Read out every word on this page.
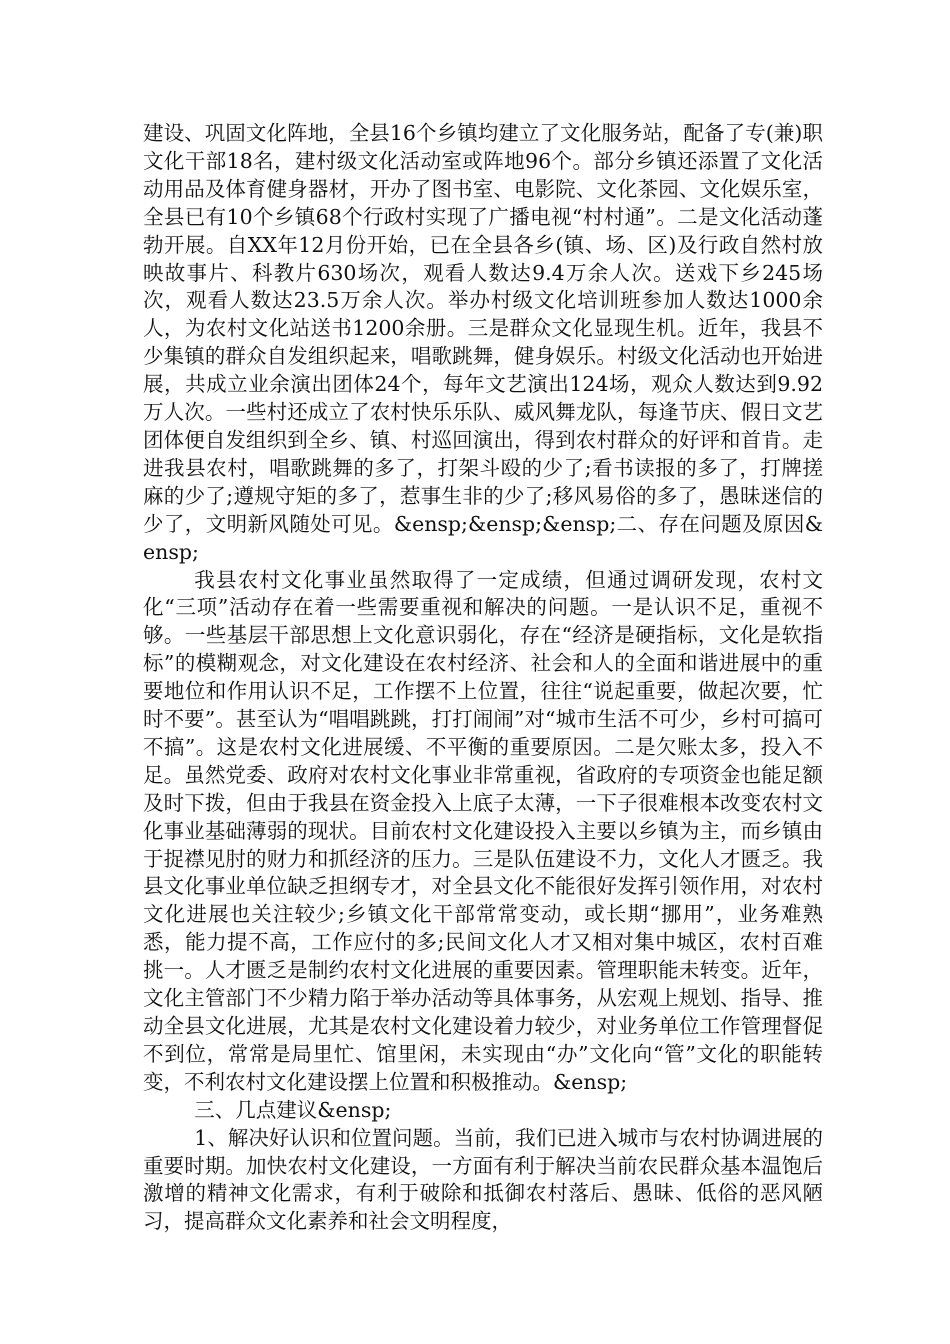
建设、巩固文化阵地，全县16个乡镇均建立了文化服务站，配备了专(兼)职文化干部18名，建村级文化活动室或阵地96个。部分乡镇还添置了文化活动用品及体育健身器材，开办了图书室、电影院、文化茶园、文化娱乐室，全县已有10个乡镇68个行政村实现了广播电视“村村通”。二是文化活动蓬勃开展。自XX年12月份开始，已在全县各乡(镇、场、区)及行政自然村放映故事片、科教片630场次，观看人数达9.4万余人次。送戏下乡245场次，观看人数达23.5万余人次。举办村级文化培训班参加人数达1000余人，为农村文化站送书1200余册。三是群众文化显现生机。近年，我县不少集镇的群众自发组织起来，唱歌跳舞，健身娱乐。村级文化活动也开始进展，共成立业余演出团体24个，每年文艺演出124场，观众人数达到9.92万人次。一些村还成立了农村快乐乐队、威风舞龙队，每逢节庆、假日文艺团体便自发组织到全乡、镇、村巡回演出，得到农村群众的好评和首肯。走进我县农村，唱歌跳舞的多了，打架斗殴的少了;看书读报的多了，打牌搓麻的少了;遵规守矩的多了，惹事生非的少了;移风易俗的多了，愚昧迷信的少了，文明新风随处可见。&ensp;&ensp;&ensp;二、存在问题及原因&ensp;

我县农村文化事业虽然取得了一定成绩，但通过调研发现，农村文化“三项”活动存在着一些需要重视和解决的问题。一是认识不足，重视不够。一些基层干部思想上文化意识弱化，存在“经济是硬指标，文化是软指标”的模糊观念，对文化建设在农村经济、社会和人的全面和谐进展中的重要地位和作用认识不足，工作摆不上位置，往往“说起重要，做起次要，忙时不要”。甚至认为“唱唱跳跳，打打闹闹”对“城市生活不可少，乡村可搞可不搞”。这是农村文化进展缓、不平衡的重要原因。二是欠账太多，投入不足。虽然党委、政府对农村文化事业非常重视，省政府的专项资金也能足额及时下拨，但由于我县在资金投入上底子太薄，一下子很难根本改变农村文化事业基础薄弱的现状。目前农村文化建设投入主要以乡镇为主，而乡镇由于捉襟见肘的财力和抓经济的压力。三是队伍建设不力，文化人才匮乏。我县文化事业单位缺乏担纲专才，对全县文化不能很好发挥引领作用，对农村文化进展也关注较少;乡镇文化干部常常变动，或长期“挪用”，业务难熟悉，能力提不高，工作应付的多;民间文化人才又相对集中城区，农村百难挑一。人才匮乏是制约农村文化进展的重要因素。管理职能未转变。近年，文化主管部门不少精力陷于举办活动等具体事务，从宏观上规划、指导、推动全县文化进展，尤其是农村文化建设着力较少，对业务单位工作管理督促不到位，常常是局里忙、馆里闲，未实现由“办”文化向“管”文化的职能转变，不利农村文化建设摆上位置和积极推动。&ensp;

三、几点建议&ensp;

1、解决好认识和位置问题。当前，我们已进入城市与农村协调进展的重要时期。加快农村文化建设，一方面有利于解决当前农民群众基本温饱后激增的精神文化需求，有利于破除和抵御农村落后、愚昧、低俗的恶风陋习，提高群众文化素养和社会文明程度，
